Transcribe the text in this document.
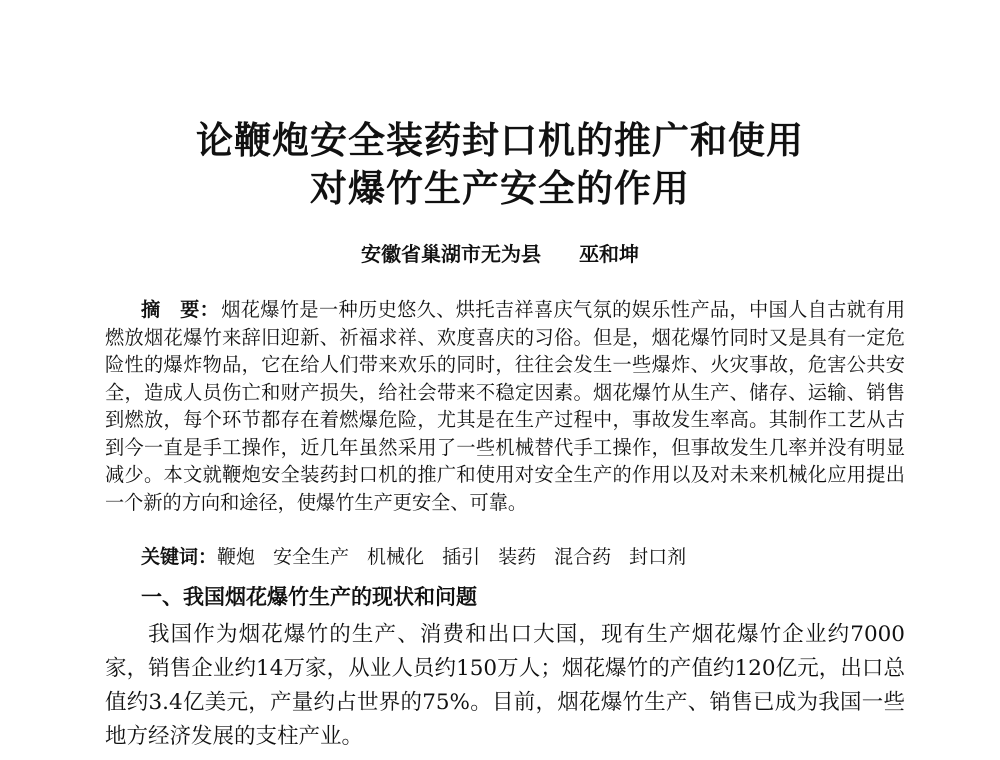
论鞭炮安全装药封口机的推广和使用
对爆竹生产安全的作用
安徽省巢湖市无为县 巫和坤
摘　要： 烟花爆竹是一种历史悠久、烘托吉祥喜庆气氛的娱乐性产品，中国人自古就有用燃放烟花爆竹来辞旧迎新、祈福求祥、欢度喜庆的习俗。但是，烟花爆竹同时又是具有一定危险性的爆炸物品，它在给人们带来欢乐的同时，往往会发生一些爆炸、火灾事故，危害公共安全，造成人员伤亡和财产损失，给社会带来不稳定因素。烟花爆竹从生产、储存、运输、销售到燃放，每个环节都存在着燃爆危险，尤其是在生产过程中，事故发生率高。其制作工艺从古到今一直是手工操作，近几年虽然采用了一些机械替代手工操作，但事故发生几率并没有明显减少。本文就鞭炮安全装药封口机的推广和使用对安全生产的作用以及对未来机械化应用提出一个新的方向和途径，使爆竹生产更安全、可靠。
关键词：鞭炮 安全生产 机械化 插引 装药 混合药 封口剂
一、我国烟花爆竹生产的现状和问题
我国作为烟花爆竹的生产、消费和出口大国，现有生产烟花爆竹企业约7000家，销售企业约14万家，从业人员约150万人；烟花爆竹的产值约120亿元，出口总值约3.4亿美元，产量约占世界的75%。目前，烟花爆竹生产、销售已成为我国一些地方经济发展的支柱产业。
